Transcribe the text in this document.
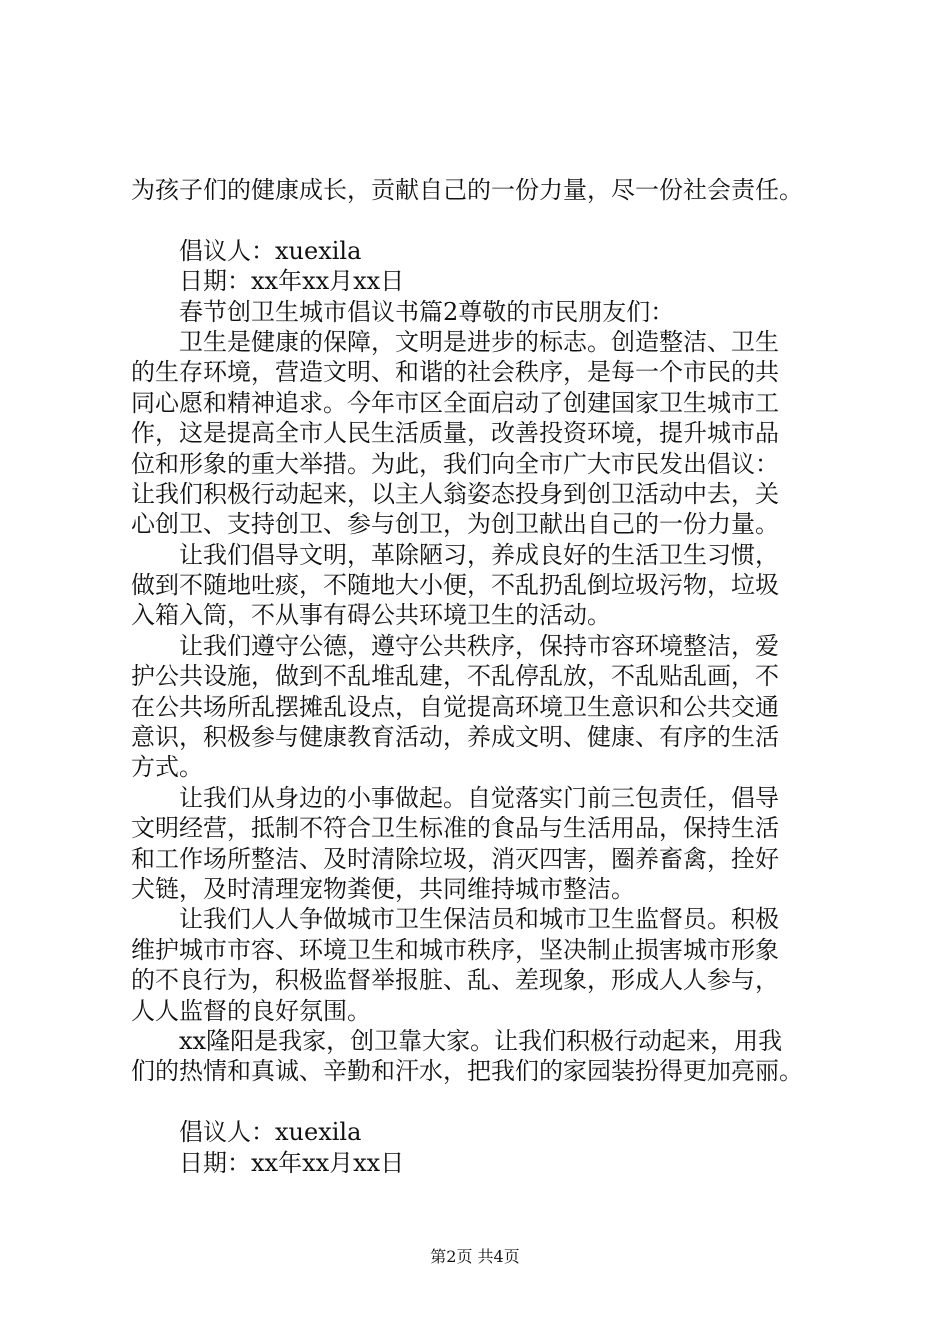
为孩子们的健康成长，贡献自己的一份力量，尽一份社会责任。
倡议人：xuexila
日期：xx年xx月xx日
春节创卫生城市倡议书篇2尊敬的市民朋友们：
卫生是健康的保障，文明是进步的标志。创造整洁、卫生
的生存环境，营造文明、和谐的社会秩序，是每一个市民的共
同心愿和精神追求。今年市区全面启动了创建国家卫生城市工
作，这是提高全市人民生活质量，改善投资环境，提升城市品
位和形象的重大举措。为此，我们向全市广大市民发出倡议：
让我们积极行动起来，以主人翁姿态投身到创卫活动中去，关
心创卫、支持创卫、参与创卫，为创卫献出自己的一份力量。
让我们倡导文明，革除陋习，养成良好的生活卫生习惯，
做到不随地吐痰，不随地大小便，不乱扔乱倒垃圾污物，垃圾
入箱入筒，不从事有碍公共环境卫生的活动。
让我们遵守公德，遵守公共秩序，保持市容环境整洁，爱
护公共设施，做到不乱堆乱建，不乱停乱放，不乱贴乱画，不
在公共场所乱摆摊乱设点，自觉提高环境卫生意识和公共交通
意识，积极参与健康教育活动，养成文明、健康、有序的生活
方式。
让我们从身边的小事做起。自觉落实门前三包责任，倡导
文明经营，抵制不符合卫生标准的食品与生活用品，保持生活
和工作场所整洁、及时清除垃圾，消灭四害，圈养畜禽，拴好
犬链，及时清理宠物粪便，共同维持城市整洁。
让我们人人争做城市卫生保洁员和城市卫生监督员。积极
维护城市市容、环境卫生和城市秩序，坚决制止损害城市形象
的不良行为，积极监督举报脏、乱、差现象，形成人人参与，
人人监督的良好氛围。
xx隆阳是我家，创卫靠大家。让我们积极行动起来，用我
们的热情和真诚、辛勤和汗水，把我们的家园装扮得更加亮丽。
倡议人：xuexila
日期：xx年xx月xx日
第2页 共4页
